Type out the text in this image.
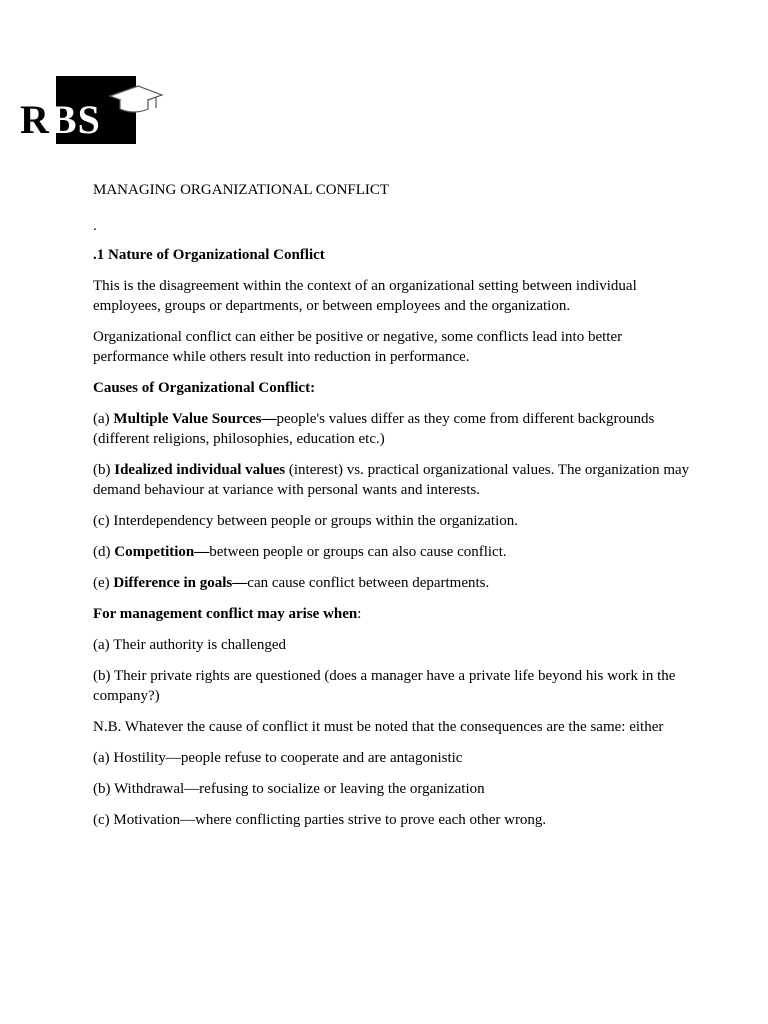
RBS

MANAGING ORGANIZATIONAL CONFLICT

.

.1 Nature of Organizational Conflict

This is the disagreement within the context of an organizational setting between individual employees, groups or departments, or between employees and the organization.

Organizational conflict can either be positive or negative, some conflicts lead into better performance while others result into reduction in performance.

Causes of Organizational Conflict:

(a) Multiple Value Sources—people's values differ as they come from different backgrounds (different religions, philosophies, education etc.)

(b) Idealized individual values (interest) vs. practical organizational values. The organization may demand behaviour at variance with personal wants and interests.

(c) Interdependency between people or groups within the organization.

(d) Competition—between people or groups can also cause conflict.

(e) Difference in goals—can cause conflict between departments.

For management conflict may arise when:

(a) Their authority is challenged

(b) Their private rights are questioned (does a manager have a private life beyond his work in the company?)

N.B. Whatever the cause of conflict it must be noted that the consequences are the same: either

(a) Hostility—people refuse to cooperate and are antagonistic

(b) Withdrawal—refusing to socialize or leaving the organization

(c) Motivation—where conflicting parties strive to prove each other wrong.
